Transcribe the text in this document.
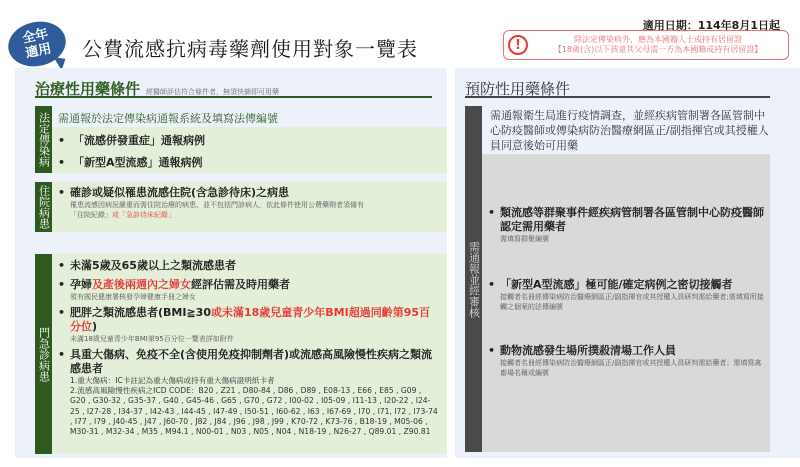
全年
適用 公費流感抗病毒藥劑使用對象一覽表
適用日期：114年8月1日起
!	除法定傳染病外，應為本國籍人士或持有居留證
【18歲(含)以下孩童其父母需一方為本國籍或持有居留證】
治療性用藥條件 經醫師評估符合條件者，無須快篩即可用藥
法定傳染病 需通報於法定傳染病通報系統及填寫法傳編號
• 「流感併發重症」通報病例
• 「新型A型流感」通報病例
住院病患	• 確診或疑似罹患流感住院(含急診待床)之病患
罹患流感因病況嚴重而需住院治療的病患，並不包括門診病人，依此條件使用公費藥劑者須備有
「住院紀錄」或「急診待床紀錄」
門急診病患
• 未滿5歲及65歲以上之類流感患者
• 孕婦及產後兩週內之婦女經評估需及時用藥者
領有國民健康署核發孕婦健康手冊之婦女
• 肥胖之類流感患者(BMI≧30或未滿18歲兒童青少年BMI超過同齡第95百分位)
未滿18歲兒童青少年BMI第95百分位一覽表詳如附件
• 具重大傷病、免疫不全(含使用免疫抑制劑者)或流感高風險慢性疾病之類流感患者
1.重大傷病：IC卡註記為重大傷病或持有重大傷病證明紙卡者
2.流感高風險慢性疾病之ICD CODE：B20 , Z21 , D80-84 , D86 , D89 , E08-13 , E66 , E85 , G09 , G20 , G30-32 , G35-37 , G40 , G45-46 , G65 , G70 , G72 , I00-02 , I05-09 , I11-13 , I20-22 , I24-25 , I27-28 , I34-37 , I42-43 , I44-45 , I47-49 , I50-51 , I60-62 , I63 , I67-69 , I70 , I71, I72 , I73-74 , I77 , I79 , J40-45 , J47 , J60-70 , J82 , J84 , J96 , J98 , J99 , K70-72 , K73-76 , B18-19 , M05-06 , M30-31 , M32-34 , M35 , M94.1 , N00-01 , N03 , N05 , N04 , N18-19 , N26-27 , Q89.01 , Z90.81
預防性用藥條件
需通報並經審核
需通報衛生局進行疫情調查，並經疾病管制署各區管制中心防疫醫師或傳染病防治醫療網區正/副指揮官或其授權人員同意後始可用藥
• 類流感等群聚事件經疾病管制署各區管制中心防疫醫師認定需用藥者
需填寫群聚編號
• 「新型A型流感」極可能/確定病例之密切接觸者
接觸者名冊經傳染病防治醫療網區正/副指揮官或其授權人員研判需給藥者;需填寫所接觸之個案的法傳編號
• 動物流感發生場所撲殺清場工作人員
接觸者名冊經傳染病防治醫療網區正/副指揮官或其授權人員研判需給藥者；需填寫禽畜場名稱或編號
